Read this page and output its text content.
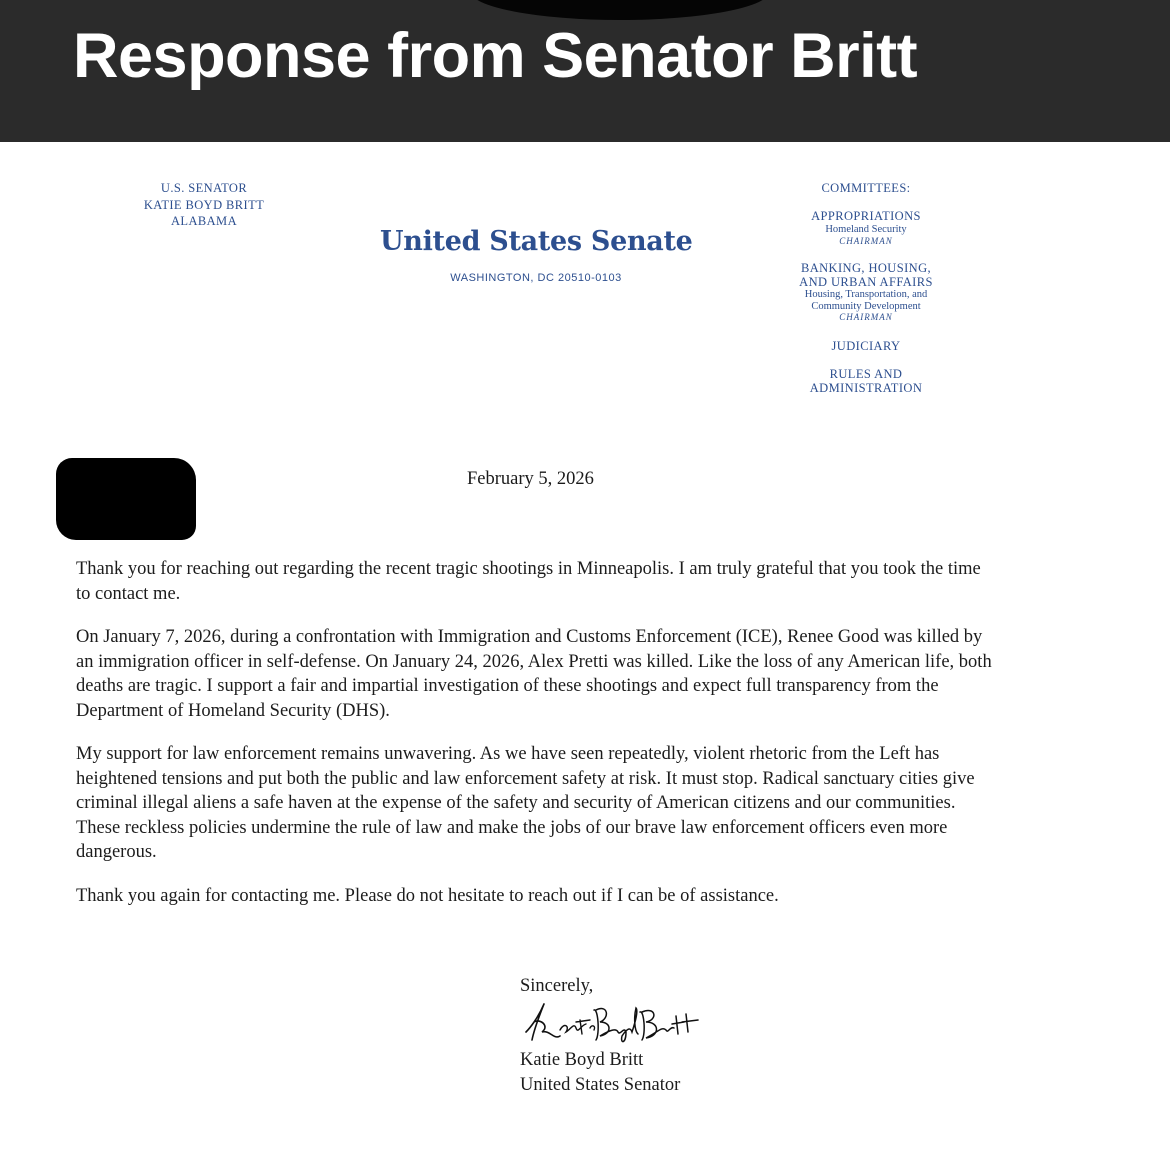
Response from Senator Britt
U.S. SENATOR
KATIE BOYD BRITT
ALABAMA
United States Senate
WASHINGTON, DC 20510-0103
COMMITTEES:
APPROPRIATIONS
Homeland Security
CHAIRMAN
BANKING, HOUSING,
AND URBAN AFFAIRS
Housing, Transportation, and
Community Development
CHAIRMAN
JUDICIARY
RULES AND
ADMINISTRATION
February 5, 2026

Thank you for reaching out regarding the recent tragic shootings in Minneapolis. I am truly grateful that you took the time to contact me.

On January 7, 2026, during a confrontation with Immigration and Customs Enforcement (ICE), Renee Good was killed by an immigration officer in self-defense. On January 24, 2026, Alex Pretti was killed. Like the loss of any American life, both deaths are tragic. I support a fair and impartial investigation of these shootings and expect full transparency from the Department of Homeland Security (DHS).

My support for law enforcement remains unwavering. As we have seen repeatedly, violent rhetoric from the Left has heightened tensions and put both the public and law enforcement safety at risk. It must stop. Radical sanctuary cities give criminal illegal aliens a safe haven at the expense of the safety and security of American citizens and our communities. These reckless policies undermine the rule of law and make the jobs of our brave law enforcement officers even more dangerous.

Thank you again for contacting me. Please do not hesitate to reach out if I can be of assistance.

Sincerely,
Katie Boyd Britt
United States Senator
